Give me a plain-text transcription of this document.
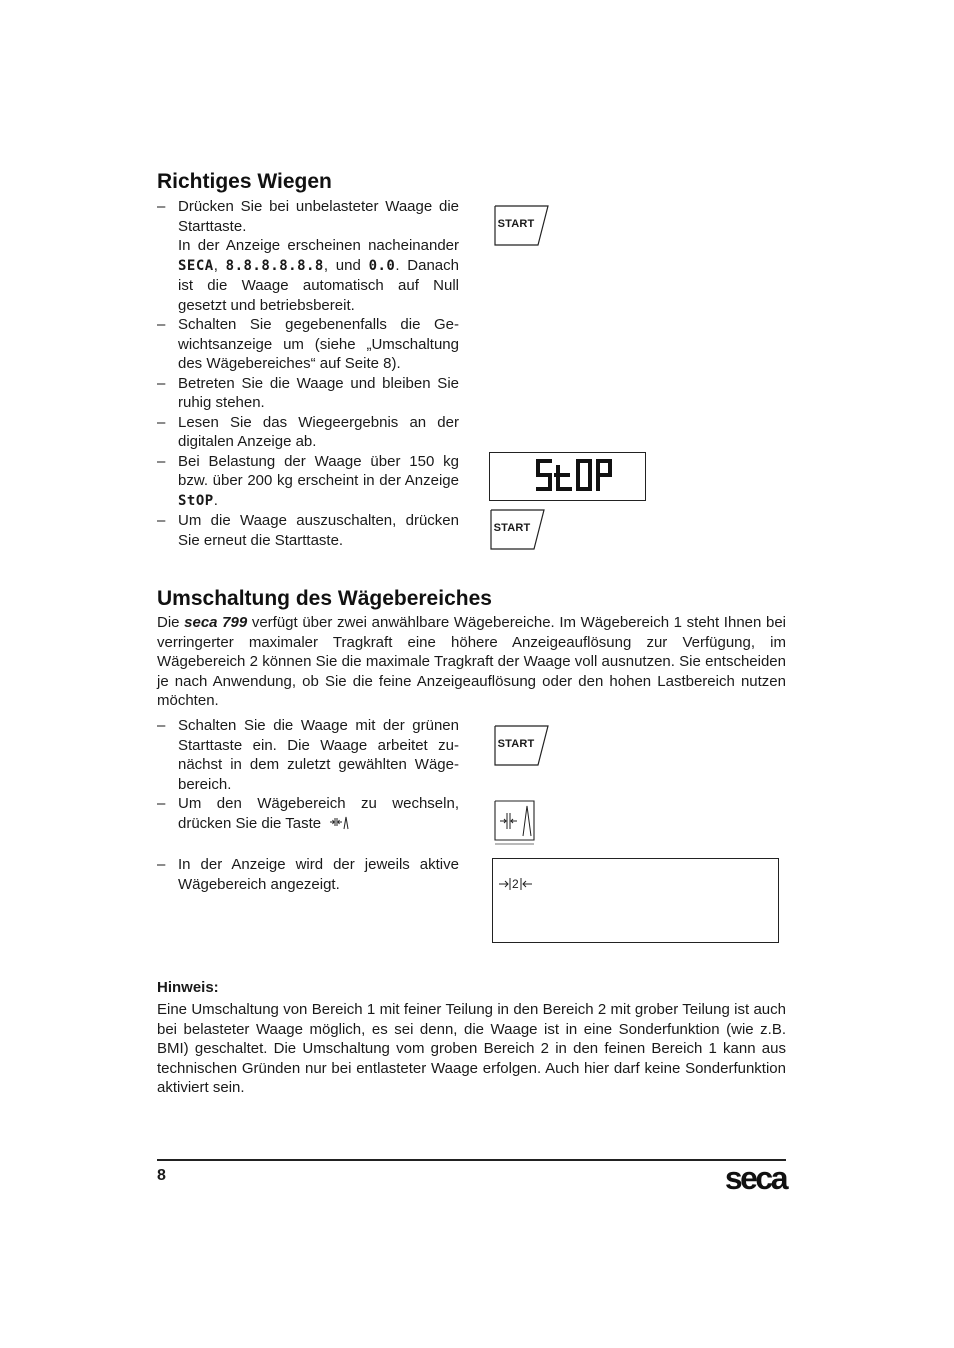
Richtiges Wiegen
– Drücken Sie bei unbelasteter Waage die Starttaste.

In der Anzeige erscheinen nacheinander SECA, 8.8.8.8.8.8, und 0.0. Danach ist die Waage automatisch auf Null gesetzt und betriebsbereit.

– Schalten Sie gegebenenfalls die Gewichtsanzeige um (siehe „Umschaltung des Wägebereiches“ auf Seite 8).

– Betreten Sie die Waage und bleiben Sie ruhig stehen.

– Lesen Sie das Wiegeergebnis an der digitalen Anzeige ab.

– Bei Belastung der Waage über 150 kg bzw. über 200 kg erscheint in der Anzeige StOP.

– Um die Waage auszuschalten, drücken Sie erneut die Starttaste.

START
START
Umschaltung des Wägebereiches

Die seca 799 verfügt über zwei anwählbare Wägebereiche. Im Wägebereich 1 steht Ihnen bei verringerter maximaler Tragkraft eine höhere Anzeigeauflösung zur Verfügung, im Wägebereich 2 können Sie die maximale Tragkraft der Waage voll ausnutzen. Sie entscheiden je nach Anwendung, ob Sie die feine Anzeigeauflösung oder den hohen Lastbereich nutzen möchten.

– Schalten Sie die Waage mit der grünen Starttaste ein. Die Waage arbeitet zunächst in dem zuletzt gewählten Wägebereich.

– Um den Wägebereich zu wechseln, drücken Sie die Taste

– In der Anzeige wird der jeweils aktive Wägebereich angezeigt.

START
2
Hinweis:

Eine Umschaltung von Bereich 1 mit feiner Teilung in den Bereich 2 mit grober Teilung ist auch bei belasteter Waage möglich, es sei denn, die Waage ist in eine Sonderfunktion (wie z.B. BMI) geschaltet. Die Umschaltung vom groben Bereich 2 in den feinen Bereich 1 kann aus technischen Gründen nur bei entlasteter Waage erfolgen. Auch hier darf keine Sonderfunktion aktiviert sein.

8	seca
